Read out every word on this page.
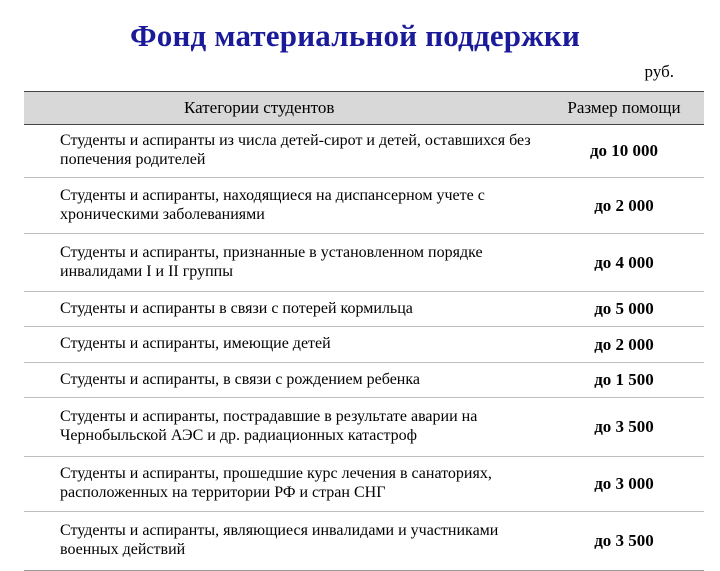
Фонд материальной поддержки
руб.
Категории студентов	Размер помощи

Студенты и аспиранты из числа детей-сирот и детей, оставшихся без попечения родителей	до 10 000

Студенты и аспиранты, находящиеся на диспансерном учете с хроническими заболеваниями	до 2 000

Студенты и аспиранты, признанные в установленном порядке инвалидами I и II группы	до 4 000

Студенты и аспиранты в связи с потерей кормильца	до 5 000

Студенты и аспиранты, имеющие детей	до 2 000

Студенты и аспиранты, в связи с рождением ребенка	до 1 500

Студенты и аспиранты, пострадавшие в результате аварии на Чернобыльской АЭС и др. радиационных катастроф	до 3 500

Студенты и аспиранты, прошедшие курс лечения в санаториях, расположенных на территории РФ и стран СНГ	до 3 000

Студенты и аспиранты, являющиеся инвалидами и участниками военных действий	до 3 500
